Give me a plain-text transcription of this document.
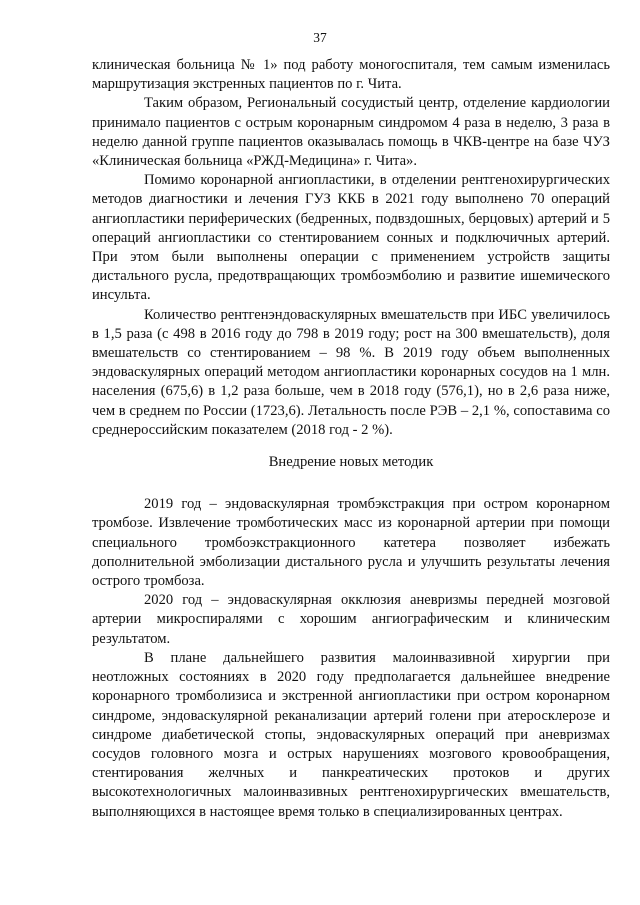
37

клиническая больница № 1» под работу моногоспиталя, тем самым изменилась маршрутизация экстренных пациентов по г. Чита.

Таким образом, Региональный сосудистый центр, отделение кардиологии принимало пациентов с острым коронарным синдромом 4 раза в неделю, 3 раза в неделю данной группе пациентов оказывалась помощь в ЧКВ-центре на базе ЧУЗ «Клиническая больница «РЖД-Медицина» г. Чита».

Помимо коронарной ангиопластики, в отделении рентгенохирургических методов диагностики и лечения ГУЗ ККБ в 2021 году выполнено 70 операций ангиопластики периферических (бедренных, подвздошных, берцовых) артерий и 5 операций ангиопластики со стентированием сонных и подключичных артерий. При этом были выполнены операции с применением устройств защиты дистального русла, предотвращающих тромбоэмболию и развитие ишемического инсульта.

Количество рентгенэндоваскулярных вмешательств при ИБС увеличилось в 1,5 раза (с 498 в 2016 году до 798 в 2019 году; рост на 300 вмешательств), доля вмешательств со стентированием – 98 %. В 2019 году объем выполненных эндоваскулярных операций методом ангиопластики коронарных сосудов на 1 млн. населения (675,6) в 1,2 раза больше, чем в 2018 году (576,1), но в 2,6 раза ниже, чем в среднем по России (1723,6). Летальность после РЭВ – 2,1 %, сопоставима со среднероссийским показателем (2018 год - 2 %).

Внедрение новых методик

2019 год – эндоваскулярная тромбэкстракция при остром коронарном тромбозе. Извлечение тромботических масс из коронарной артерии при помощи специального тромбоэкстракционного катетера позволяет избежать дополнительной эмболизации дистального русла и улучшить результаты лечения острого тромбоза.

2020 год – эндоваскулярная окклюзия аневризмы передней мозговой артерии микроспиралями с хорошим ангиографическим и клиническим результатом.

В плане дальнейшего развития малоинвазивной хирургии при неотложных состояниях в 2020 году предполагается дальнейшее внедрение коронарного тромболизиса и экстренной ангиопластики при остром коронарном синдроме, эндоваскулярной реканализации артерий голени при атеросклерозе и синдроме диабетической стопы, эндоваскулярных операций при аневризмах сосудов головного мозга и острых нарушениях мозгового кровообращения, стентирования желчных и панкреатических протоков и других высокотехнологичных малоинвазивных рентгенохирургических вмешательств, выполняющихся в настоящее время только в специализированных центрах.
